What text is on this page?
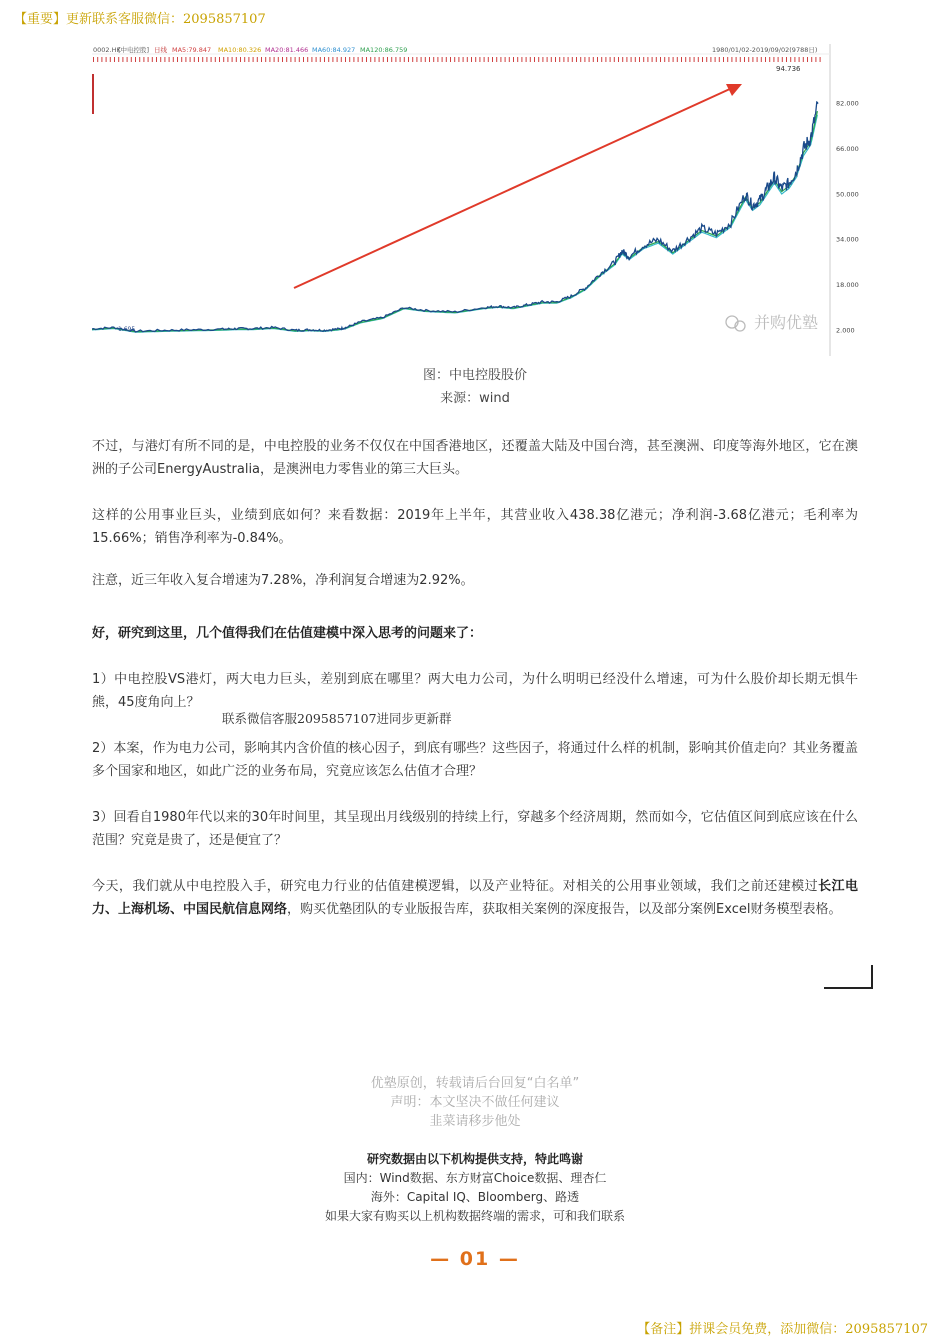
【重要】更新联系客服微信：2095857107
0002.HK
[中电控股] 日线 MA5:79.847 MA10:80.326 MA20:81.466 MA60:84.927 MA120:86.759	1980/01/02-2019/09/02(9788日)
82.000
66.000
50.000
34.000
18.000
2.000
94.736
1.695	并购优塾
图：中电控股股价
来源：wind

不过，与港灯有所不同的是，中电控股的业务不仅仅在中国香港地区，还覆盖大陆及中国台湾，甚至澳洲、印度等海外地区，它在澳洲的子公司EnergyAustralia，是澳洲电力零售业的第三大巨头。

这样的公用事业巨头，业绩到底如何？来看数据：2019年上半年，其营业收入438.38亿港元；净利润-3.68亿港元；毛利率为15.66%；销售净利率为-0.84%。

注意，近三年收入复合增速为7.28%，净利润复合增速为2.92%。

好，研究到这里，几个值得我们在估值建模中深入思考的问题来了：

1）中电控股VS港灯，两大电力巨头，差别到底在哪里？两大电力公司，为什么明明已经没什么增速，可为什么股价却长期无惧牛熊，45度角向上？

联系微信客服2095857107进同步更新群

2）本案，作为电力公司，影响其内含价值的核心因子，到底有哪些？这些因子，将通过什么样的机制，影响其价值走向？其业务覆盖多个国家和地区，如此广泛的业务布局，究竟应该怎么估值才合理？

3）回看自1980年代以来的30年时间里，其呈现出月线级别的持续上行，穿越多个经济周期，然而如今，它估值区间到底应该在什么范围？究竟是贵了，还是便宜了？

今天，我们就从中电控股入手，研究电力行业的估值建模逻辑，以及产业特征。对相关的公用事业领域，我们之前还建模过长江电力、上海机场、中国民航信息网络，购买优塾团队的专业版报告库，获取相关案例的深度报告，以及部分案例Excel财务模型表格。

优塾原创，转载请后台回复“白名单”
声明：本文坚决不做任何建议
韭菜请移步他处
研究数据由以下机构提供支持，特此鸣谢
国内：Wind数据、东方财富Choice数据、理杏仁
海外：Capital IQ、Bloomberg、路透
如果大家有购买以上机构数据终端的需求，可和我们联系
— 01 —
【备注】拼课会员免费，添加微信：2095857107
